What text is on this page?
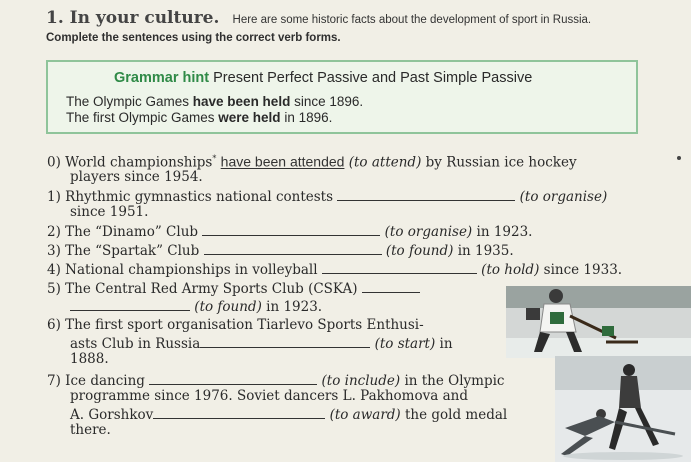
1. In your culture. Here are some historic facts about the development of sport in Russia.
Complete the sentences using the correct verb forms.
Grammar hint Present Perfect Passive and Past Simple Passive
The Olympic Games have been held since 1896.
The first Olympic Games were held in 1896.
0) World championships* have been attended (to attend) by Russian ice hockey
players since 1954.
1) Rhythmic gymnastics national contests	(to organise)
since 1951.
2) The “Dinamo” Club	(to organise) in 1923.
3) The “Spartak” Club	(to found) in 1935.
4) National championships in volleyball	(to hold) since 1933.
5) The Central Red Army Sports Club (CSKA)
(to found) in 1923.
6) The first sport organisation Tiarlevo Sports Enthusi-
asts Club in Russia	(to start) in
1888.
7) Ice dancing	(to include) in the Olympic
programme since 1976. Soviet dancers L. Pakhomova and
A. Gorshkov	(to award) the gold medal
there.
